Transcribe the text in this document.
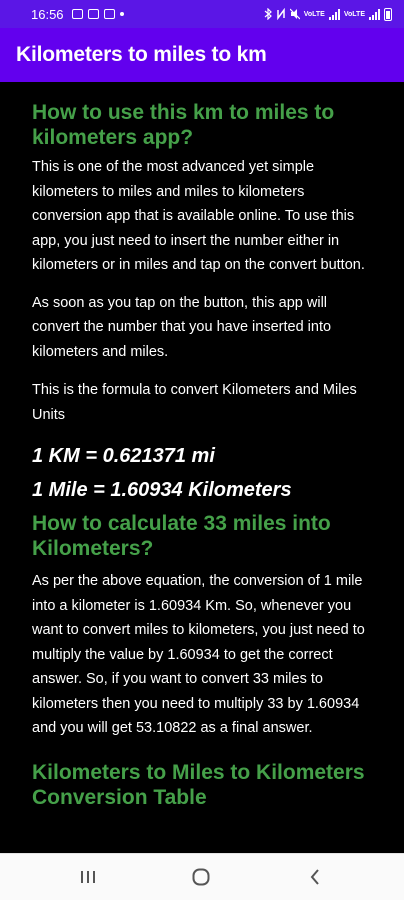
16:56	VoLTE	VoLTE
Kilometers to miles to km
How to use this km to miles to kilometers app?

This is one of the most advanced yet simple kilometers to miles and miles to kilometers conversion app that is available online. To use this app, you just need to insert the number either in kilometers or in miles and tap on the convert button.

As soon as you tap on the button, this app will convert the number that you have inserted into kilometers and miles.

This is the formula to convert Kilometers and Miles Units

1 KM = 0.621371 mi
1 Mile = 1.60934 Kilometers
How to calculate 33 miles into Kilometers?

As per the above equation, the conversion of 1 mile into a kilometer is 1.60934 Km. So, whenever you want to convert miles to kilometers, you just need to multiply the value by 1.60934 to get the correct answer. So, if you want to convert 33 miles to kilometers then you need to multiply 33 by 1.60934 and you will get 53.10822 as a final answer.

Kilometers to Miles to Kilometers Conversion Table
